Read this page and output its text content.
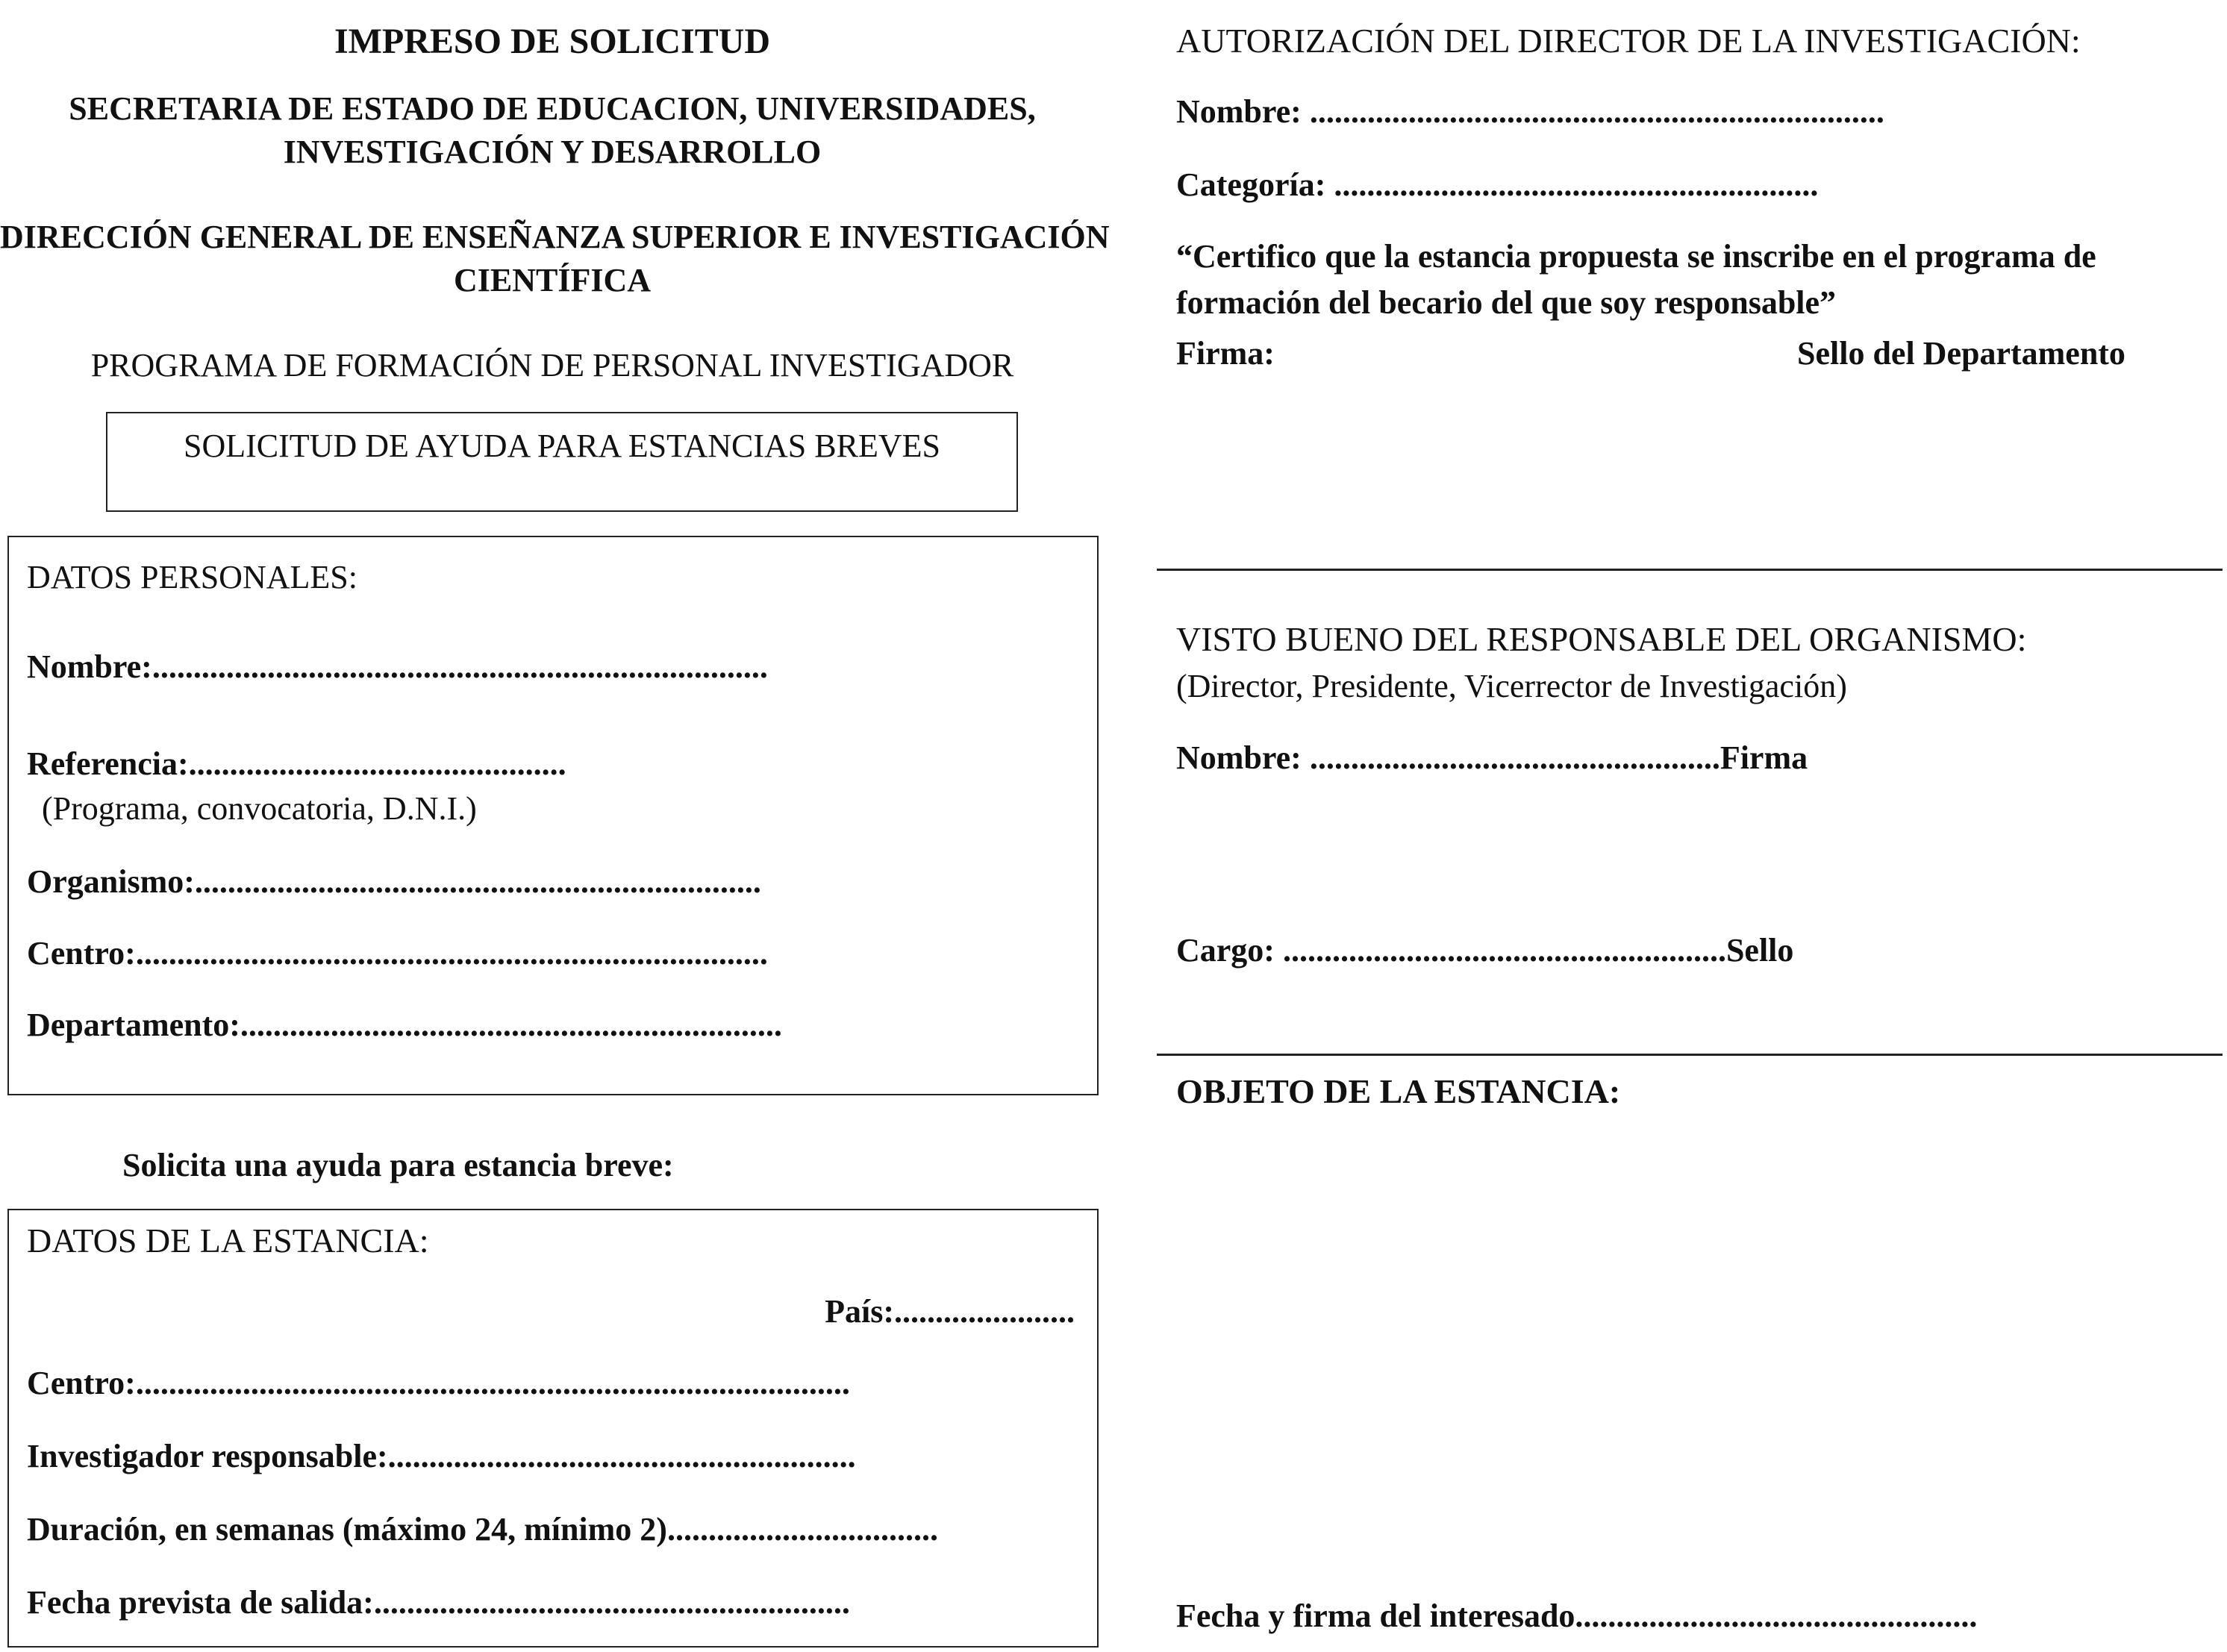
IMPRESO DE SOLICITUD
SECRETARIA DE ESTADO DE EDUCACION, UNIVERSIDADES,
INVESTIGACIÓN Y DESARROLLO
DIRECCIÓN GENERAL DE ENSEÑANZA SUPERIOR E INVESTIGACIÓN
CIENTÍFICA
PROGRAMA DE FORMACIÓN DE PERSONAL INVESTIGADOR
SOLICITUD DE AYUDA PARA ESTANCIAS BREVES
DATOS PERSONALES:
Nombre:...........................................................................
Referencia:..............................................
(Programa, convocatoria, D.N.I.)
Organismo:.....................................................................
Centro:.............................................................................
Departamento:..................................................................
Solicita una ayuda para estancia breve:
DATOS DE LA ESTANCIA:
País:......................
Centro:.......................................................................................
Investigador responsable:.........................................................
Duración, en semanas (máximo 24, mínimo 2).................................
Fecha prevista de salida:..........................................................
AUTORIZACIÓN DEL DIRECTOR DE LA INVESTIGACIÓN:
Nombre: ......................................................................
Categoría: ...........................................................
“Certifico que la estancia propuesta se inscribe en el programa de
formación del becario del que soy responsable”
Firma:	Sello del Departamento
VISTO BUENO DEL RESPONSABLE DEL ORGANISMO:
(Director, Presidente, Vicerrector de Investigación)
Nombre: ..................................................Firma
Cargo: ......................................................Sello
OBJETO DE LA ESTANCIA:
Fecha y firma del interesado.................................................
